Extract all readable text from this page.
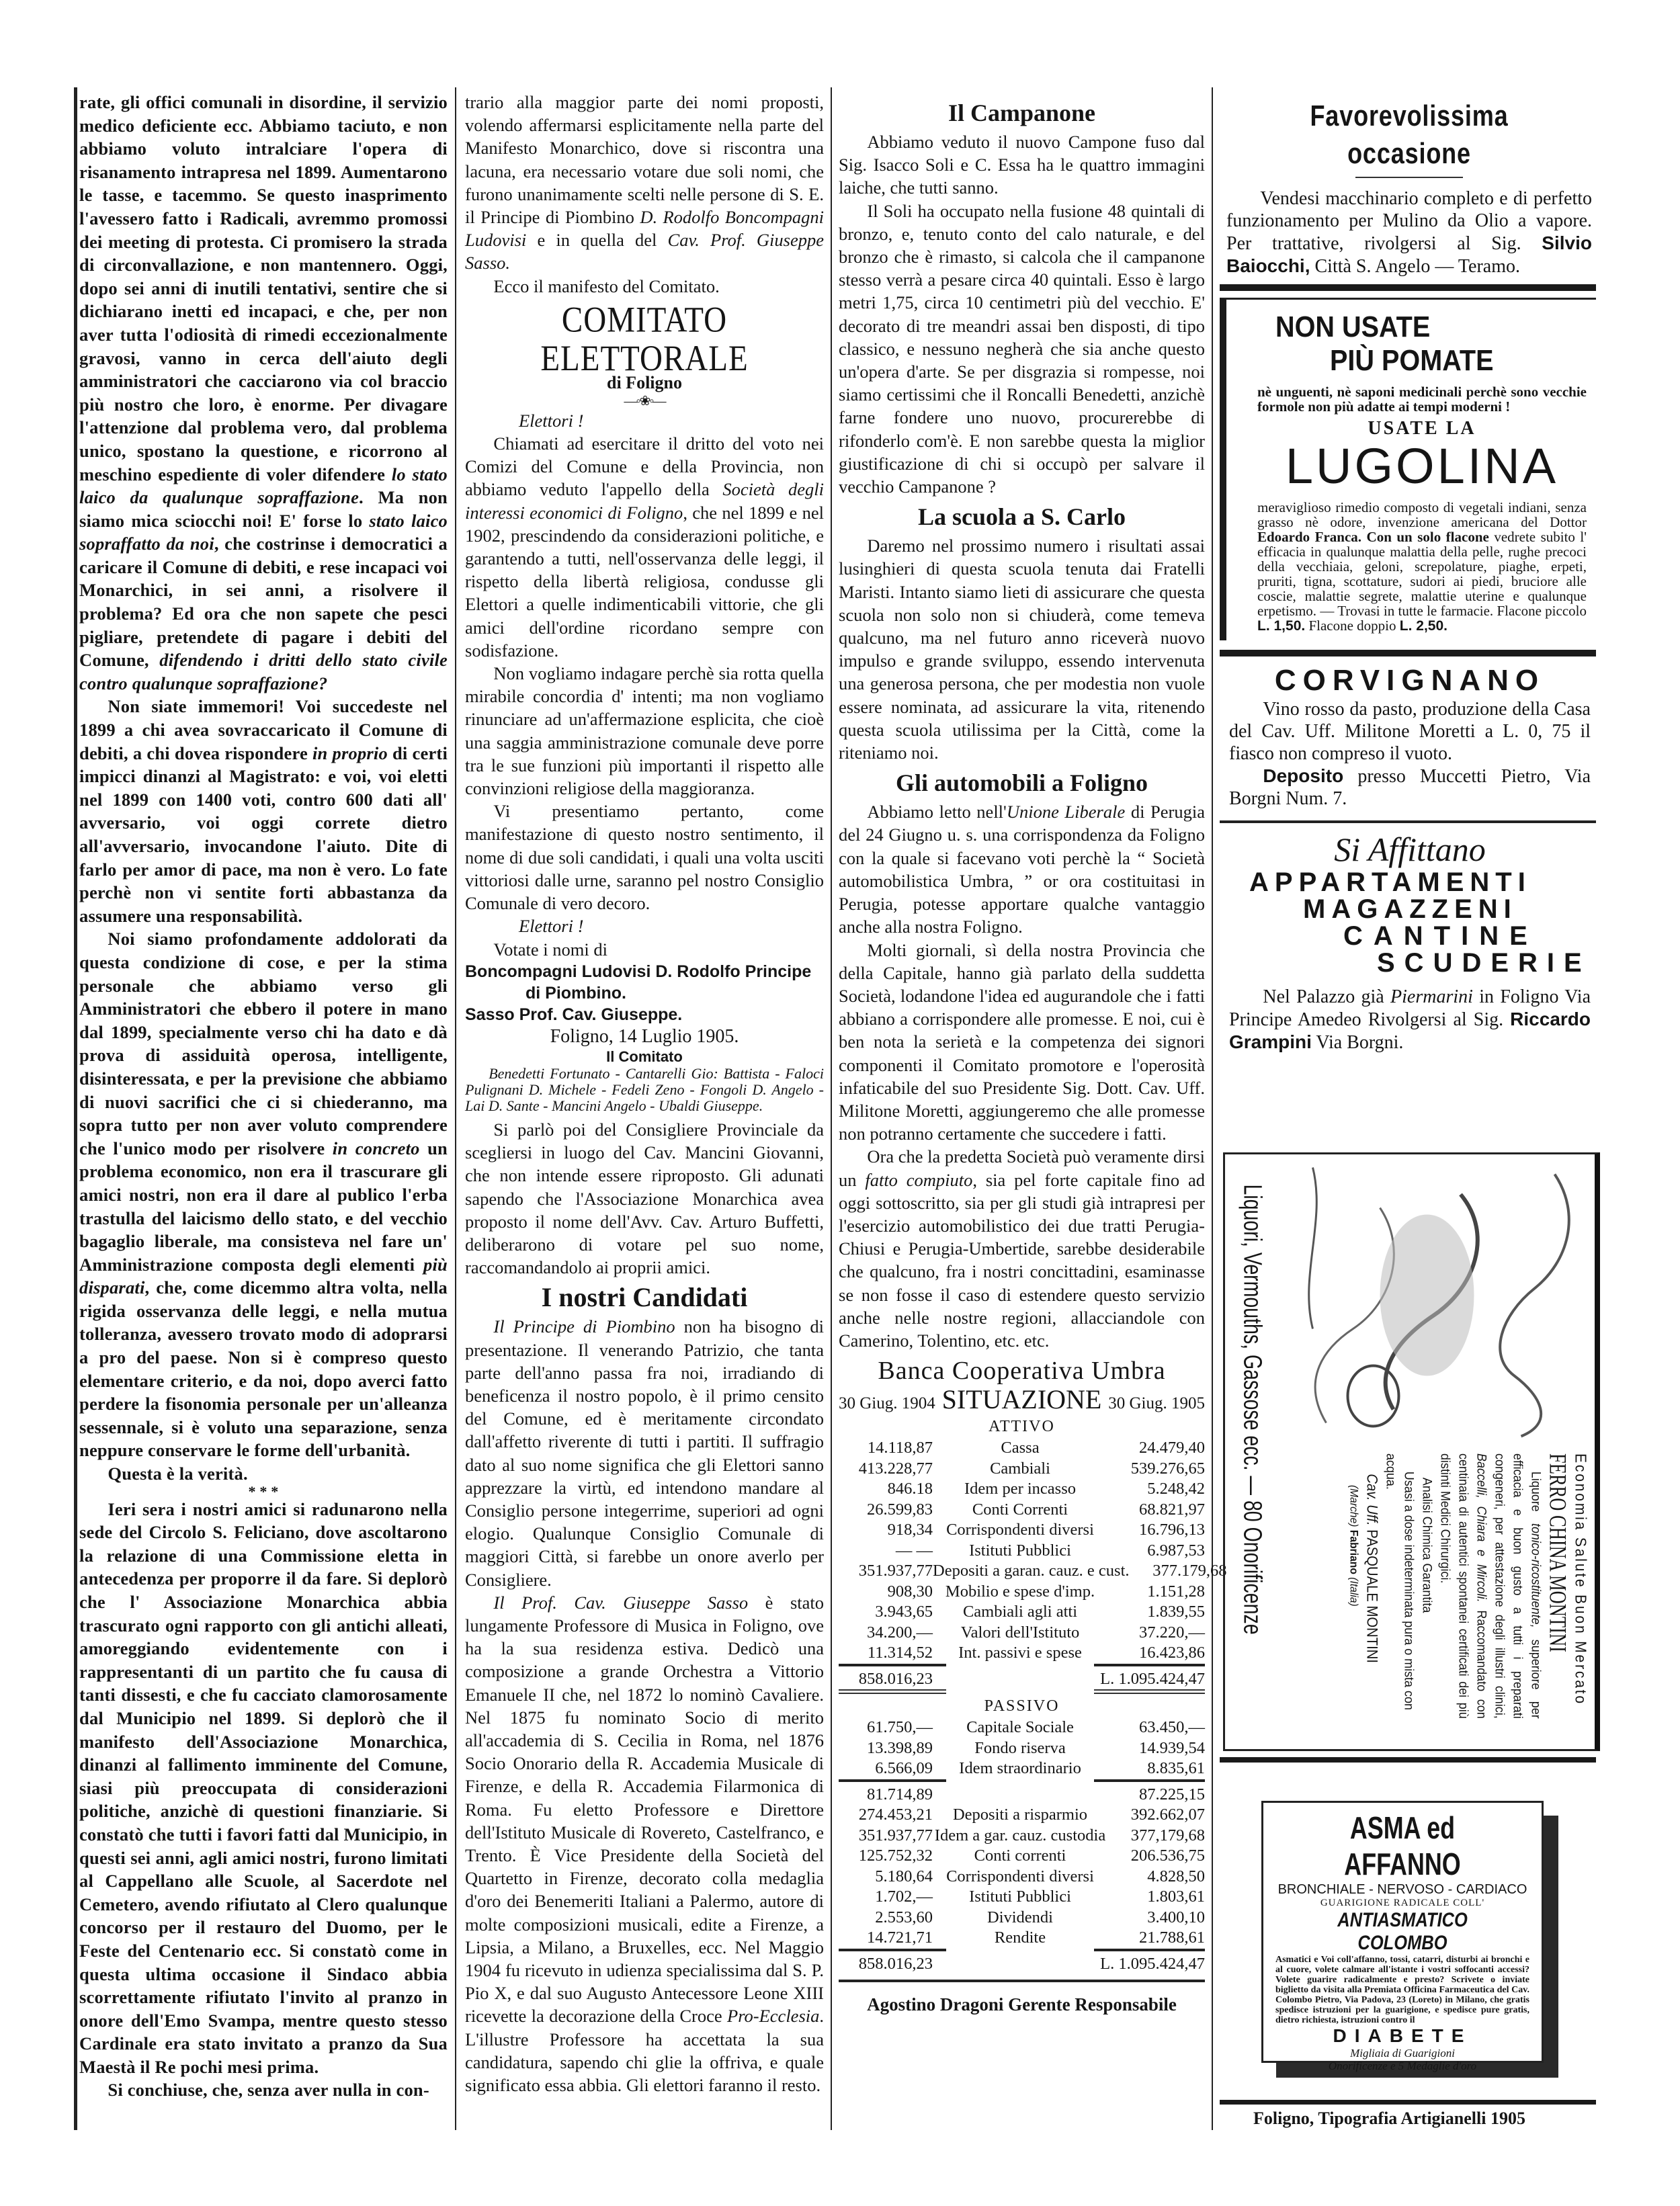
rate, gli offici comunali in disordine, il servizio medico deficiente ecc. Abbiamo taciuto, e non abbiamo voluto intralciare l'opera di risanamento intrapresa nel 1899. Aumentarono le tasse, e tacemmo. Se questo inasprimento l'avessero fatto i Radicali, avremmo promossi dei meeting di protesta. Ci promisero la strada di circonvallazione, e non mantennero. Oggi, dopo sei anni di inutili tentativi, sentire che si dichiarano inetti ed incapaci, e che, per non aver tutta l'odiosità di rimedi eccezionalmente gravosi, vanno in cerca dell'aiuto degli amministratori che cacciarono via col braccio più nostro che loro, è enorme. Per divagare l'attenzione dal problema vero, dal problema unico, spostano la questione, e ricorrono al meschino espediente di voler difendere lo stato laico da qualunque sopraffazione. Ma non siamo mica sciocchi noi! E' forse lo stato laico sopraffatto da noi, che costrinse i democratici a caricare il Comune di debiti, e rese incapaci voi Monarchici, in sei anni, a risolvere il problema? Ed ora che non sapete che pesci pigliare, pretendete di pagare i debiti del Comune, difendendo i dritti dello stato civile contro qualunque sopraffazione?

Non siate immemori! Voi succedeste nel 1899 a chi avea sovraccaricato il Comune di debiti, a chi dovea rispondere in proprio di certi impicci dinanzi al Magistrato: e voi, voi eletti nel 1899 con 1400 voti, contro 600 dati all' avversario, voi oggi correte dietro all'avversario, invocandone l'aiuto. Dite di farlo per amor di pace, ma non è vero. Lo fate perchè non vi sentite forti abbastanza da assumere una responsabilità.

Noi siamo profondamente addolorati da questa condizione di cose, e per la stima personale che abbiamo verso gli Amministratori che ebbero il potere in mano dal 1899, specialmente verso chi ha dato e dà prova di assiduità operosa, intelligente, disinteressata, e per la previsione che abbiamo di nuovi sacrifici che ci si chiederanno, ma sopra tutto per non aver voluto comprendere che l'unico modo per risolvere in concreto un problema economico, non era il trascurare gli amici nostri, non era il dare al publico l'erba trastulla del laicismo dello stato, e del vecchio bagaglio liberale, ma consisteva nel fare un' Amministrazione composta degli elementi più disparati, che, come dicemmo altra volta, nella rigida osservanza delle leggi, e nella mutua tolleranza, avessero trovato modo di adoprarsi a pro del paese. Non si è compreso questo elementare criterio, e da noi, dopo averci fatto perdere la fisonomia personale per un'alleanza sessennale, si è voluto una separazione, senza neppure conservare le forme dell'urbanità.

Questa è la verità.

* * *

Ieri sera i nostri amici si radunarono nella sede del Circolo S. Feliciano, dove ascoltarono la relazione di una Commissione eletta in antecedenza per proporre il da fare. Si deplorò che l' Associazione Monarchica abbia trascurato ogni rapporto con gli antichi alleati, amoreggiando evidentemente con i rappresentanti di un partito che fu causa di tanti dissesti, e che fu cacciato clamorosamente dal Municipio nel 1899. Si deplorò che il manifesto dell'Associazione Monarchica, dinanzi al fallimento imminente del Comune, siasi più preoccupata di considerazioni politiche, anzichè di questioni finanziarie. Si constatò che tutti i favori fatti dal Municipio, in questi sei anni, agli amici nostri, furono limitati al Cappellano alle Scuole, al Sacerdote nel Cemetero, avendo rifiutato al Clero qualunque concorso per il restauro del Duomo, per le Feste del Centenario ecc. Si constatò come in questa ultima occasione il Sindaco abbia scorrettamente rifiutato l'invito al pranzo in onore dell'Emo Svampa, mentre questo stesso Cardinale era stato invitato a pranzo da Sua Maestà il Re pochi mesi prima.

Si conchiuse, che, senza aver nulla in con-

trario alla maggior parte dei nomi proposti, volendo affermarsi esplicitamente nella parte del Manifesto Monarchico, dove si riscontra una lacuna, era necessario votare due soli nomi, che furono unanimamente scelti nelle persone di S. E. il Principe di Piombino D. Rodolfo Boncompagni Ludovisi e in quella del Cav. Prof. Giuseppe Sasso.

Ecco il manifesto del Comitato.

COMITATO ELETTORALE
di Foligno
—◦❀◦—
Elettori !

Chiamati ad esercitare il dritto del voto nei Comizi del Comune e della Provincia, non abbiamo veduto l'appello della Società degli interessi economici di Foligno, che nel 1899 e nel 1902, prescindendo da considerazioni politiche, e garantendo a tutti, nell'osservanza delle leggi, il rispetto della libertà religiosa, condusse gli Elettori a quelle indimenticabili vittorie, che gli amici dell'ordine ricordano sempre con sodisfazione.

Non vogliamo indagare perchè sia rotta quella mirabile concordia d' intenti; ma non vogliamo rinunciare ad un'affermazione esplicita, che cioè una saggia amministrazione comunale deve porre tra le sue funzioni più importanti il rispetto alle convinzioni religiose della maggioranza.

Vi presentiamo pertanto, come manifestazione di questo nostro sentimento, il nome di due soli candidati, i quali una volta usciti vittoriosi dalle urne, saranno pel nostro Consiglio Comunale di vero decoro.

Elettori !

Votate i nomi di

Boncompagni Ludovisi D. Rodolfo Principe di Piombino.
Sasso Prof. Cav. Giuseppe.
Foligno, 14 Luglio 1905.
Il Comitato
Benedetti Fortunato - Cantarelli Gio: Battista - Faloci Pulignani D. Michele - Fedeli Zeno - Fongoli D. Angelo - Lai D. Sante - Mancini Angelo - Ubaldi Giuseppe.

Si parlò poi del Consigliere Provinciale da scegliersi in luogo del Cav. Mancini Giovanni, che non intende essere riproposto. Gli adunati sapendo che l'Associazione Monarchica avea proposto il nome dell'Avv. Cav. Arturo Buffetti, deliberarono di votare pel suo nome, raccomandandolo ai proprii amici.

I nostri Candidati

Il Principe di Piombino non ha bisogno di presentazione. Il venerando Patrizio, che tanta parte dell'anno passa fra noi, irradiando di beneficenza il nostro popolo, è il primo censito del Comune, ed è meritamente circondato dall'affetto riverente di tutti i partiti. Il suffragio dato al suo nome significa che gli Elettori sanno apprezzare la virtù, ed intendono mandare al Consiglio persone integerrime, superiori ad ogni elogio. Qualunque Consiglio Comunale di maggiori Città, si farebbe un onore averlo per Consigliere.

Il Prof. Cav. Giuseppe Sasso è stato lungamente Professore di Musica in Foligno, ove ha la sua residenza estiva. Dedicò una composizione a grande Orchestra a Vittorio Emanuele II che, nel 1872 lo nominò Cavaliere. Nel 1875 fu nominato Socio di merito all'accademia di S. Cecilia in Roma, nel 1876 Socio Onorario della R. Accademia Musicale di Firenze, e della R. Accademia Filarmonica di Roma. Fu eletto Professore e Direttore dell'Istituto Musicale di Rovereto, Castelfranco, e Trento. È Vice Presidente della Società del Quartetto in Firenze, decorato colla medaglia d'oro dei Benemeriti Italiani a Palermo, autore di molte composizioni musicali, edite a Firenze, a Lipsia, a Milano, a Bruxelles, ecc. Nel Maggio 1904 fu ricevuto in udienza specialissima dal S. P. Pio X, e dal suo Augusto Antecessore Leone XIII ricevette la decorazione della Croce Pro-Ecclesia. L'illustre Professore ha accettata la sua candidatura, sapendo chi glie la offriva, e quale significato essa abbia. Gli elettori faranno il resto.

Il Campanone

Abbiamo veduto il nuovo Campone fuso dal Sig. Isacco Soli e C. Essa ha le quattro immagini laiche, che tutti sanno.

Il Soli ha occupato nella fusione 48 quintali di bronzo, e, tenuto conto del calo naturale, e del bronzo che è rimasto, si calcola che il campanone stesso verrà a pesare circa 40 quintali. Esso è largo metri 1,75, circa 10 centimetri più del vecchio. E' decorato di tre meandri assai ben disposti, di tipo classico, e nessuno negherà che sia anche questo un'opera d'arte. Se per disgrazia si rompesse, noi siamo certissimi che il Roncalli Benedetti, anzichè farne fondere uno nuovo, procurerebbe di rifonderlo com'è. E non sarebbe questa la miglior giustificazione di chi si occupò per salvare il vecchio Campanone ?

La scuola a S. Carlo

Daremo nel prossimo numero i risultati assai lusinghieri di questa scuola tenuta dai Fratelli Maristi. Intanto siamo lieti di assicurare che questa scuola non solo non si chiuderà, come temeva qualcuno, ma nel futuro anno riceverà nuovo impulso e grande sviluppo, essendo intervenuta una generosa persona, che per modestia non vuole essere nominata, ad assicurare la vita, ritenendo questa scuola utilissima per la Città, come la riteniamo noi.

Gli automobili a Foligno

Abbiamo letto nell'Unione Liberale di Perugia del 24 Giugno u. s. una corrispondenza da Foligno con la quale si facevano voti perchè la “ Società automobilistica Umbra, ” or ora costituitasi in Perugia, potesse apportare qualche vantaggio anche alla nostra Foligno.

Molti giornali, sì della nostra Provincia che della Capitale, hanno già parlato della suddetta Società, lodandone l'idea ed augurandole che i fatti abbiano a corrispondere alle promesse. E noi, cui è ben nota la serietà e la competenza dei signori componenti il Comitato promotore e l'operosità infaticabile del suo Presidente Sig. Dott. Cav. Uff. Militone Moretti, aggiungeremo che alle promesse non potranno certamente che succedere i fatti.

Ora che la predetta Società può veramente dirsi un fatto compiuto, sia pel forte capitale fino ad oggi sottoscritto, sia per gli studi già intrapresi per l'esercizio automobilistico dei due tratti Perugia-Chiusi e Perugia-Umbertide, sarebbe desiderabile che qualcuno, fra i nostri concittadini, esaminasse se non fosse il caso di estendere questo servizio anche nelle nostre regioni, allacciandole con Camerino, Tolentino, etc. etc.

Banca Cooperativa Umbra
30 Giug. 1904 SITUAZIONE 30 Giug. 1905
ATTIVO
14.118,87	Cassa	24.479,40
413.228,77	Cambiali	539.276,65
846.18	Idem per incasso	5.248,42
26.599,83	Conti Correnti	68.821,97
918,34 Corrispondenti diversi	16.796,13
— —	Istituti Pubblici	6.987,53
351.937,77 Depositi a garan. cauz. e cust.	377.179,68
908,30 Mobilio e spese d'imp.	1.151,28
3.943,65	Cambiali agli atti	1.839,55
34.200,—	Valori dell'Istituto	37.220,—
11.314,52	Int. passivi e spese	16.423,86
858.016,23	L. 1.095.424,47
PASSIVO
61.750,—	Capitale Sociale	63.450,—
13.398,89	Fondo riserva	14.939,54
6.566,09	Idem straordinario	8.835,61
81.714,89	87.225,15
274.453,21	Depositi a risparmio	392.662,07
351.937,77 Idem a gar. cauz. custodia	377,179,68
125.752,32	Conti correnti	206.536,75
5.180,64 Corrispondenti diversi	4.828,50
1.702,—	Istituti Pubblici	1.803,61
2.553,60	Dividendi	3.400,10
14.721,71	Rendite	21.788,61
858.016,23	L. 1.095.424,47
Agostino Dragoni Gerente Responsabile
Favorevolissima occasione

Vendesi macchinario completo e di perfetto funzionamento per Mulino da Olio a vapore. Per trattative, rivolgersi al Sig. Silvio Baiocchi, Città S. Angelo — Teramo.

NON USATE
PIÙ POMATE
nè unguenti, nè saponi medicinali perchè sono vecchie formole non più adatte ai tempi moderni !
USATE LA
LUGOLINA
meraviglioso rimedio composto di vegetali indiani, senza grasso nè odore, invenzione americana del Dottor Edoardo Franca. Con un solo flacone vedrete subito l' efficacia in qualunque malattia della pelle, rughe precoci della vecchiaia, geloni, screpolature, piaghe, erpeti, pruriti, tigna, scottature, sudori ai piedi, bruciore alle coscie, malattie segrete, malattie uterine e qualunque erpetismo. — Trovasi in tutte le farmacie. Flacone piccolo L. 1,50. Flacone doppio L. 2,50.
CORVIGNANO

Vino rosso da pasto, produzione della Casa del Cav. Uff. Militone Moretti a L. 0, 75 il fiasco non compreso il vuoto.

Deposito presso Muccetti Pietro, Via Borgni Num. 7.

Si Affittano
APPARTAMENTI
MAGAZZENI
CANTINE
SCUDERIE

Nel Palazzo già Piermarini in Foligno Via Principe Amedeo Rivolgersi al Sig. Riccardo Grampini Via Borgni.

Economia Salute Buon Mercato
FERRO CHINA MONTINI
Liquore tonico-ricostituente, superiore per efficacia e buon gusto a tutti i preparati congeneri, per attestazione degli illustri clinici, Baccelli, Chiara e Mircoli. Raccomandato con centinaia di autentici spontanei certificati dei più distinti Medici Chirurgici.
Analisi Chimica Garantita
Usasi a dose indeterminata pura o mista con acqua.
Cav. Uff. PASQUALE MONTINI
(Marche) Fabriano (Italia)
Liquori, Vermouths, Gassose ecc. — 80 Onorificenze
ASMA ed AFFANNO
BRONCHIALE - NERVOSO - CARDIACO
GUARIGIONE RADICALE COLL'
ANTIASMATICO COLOMBO
Asmatici e Voi coll'affanno, tossi, catarri, disturbi ai bronchi e al cuore, volete calmare all'istante i vostri soffocanti accessi? Volete guarire radicalmente e presto? Scrivete o inviate biglietto da visita alla Premiata Officina Farmaceutica del Cav. Colombo Pietro, Via Padova, 23 (Loreto) in Milano, che gratis spedisce istruzioni per la guarigione, e spedisce pure gratis, dietro richiesta, istruzioni contro il
DIABETE
Migliaia di Guarigioni
Onorificenze e 5 Medaglie d'oro
Foligno, Tipografia Artigianelli 1905
